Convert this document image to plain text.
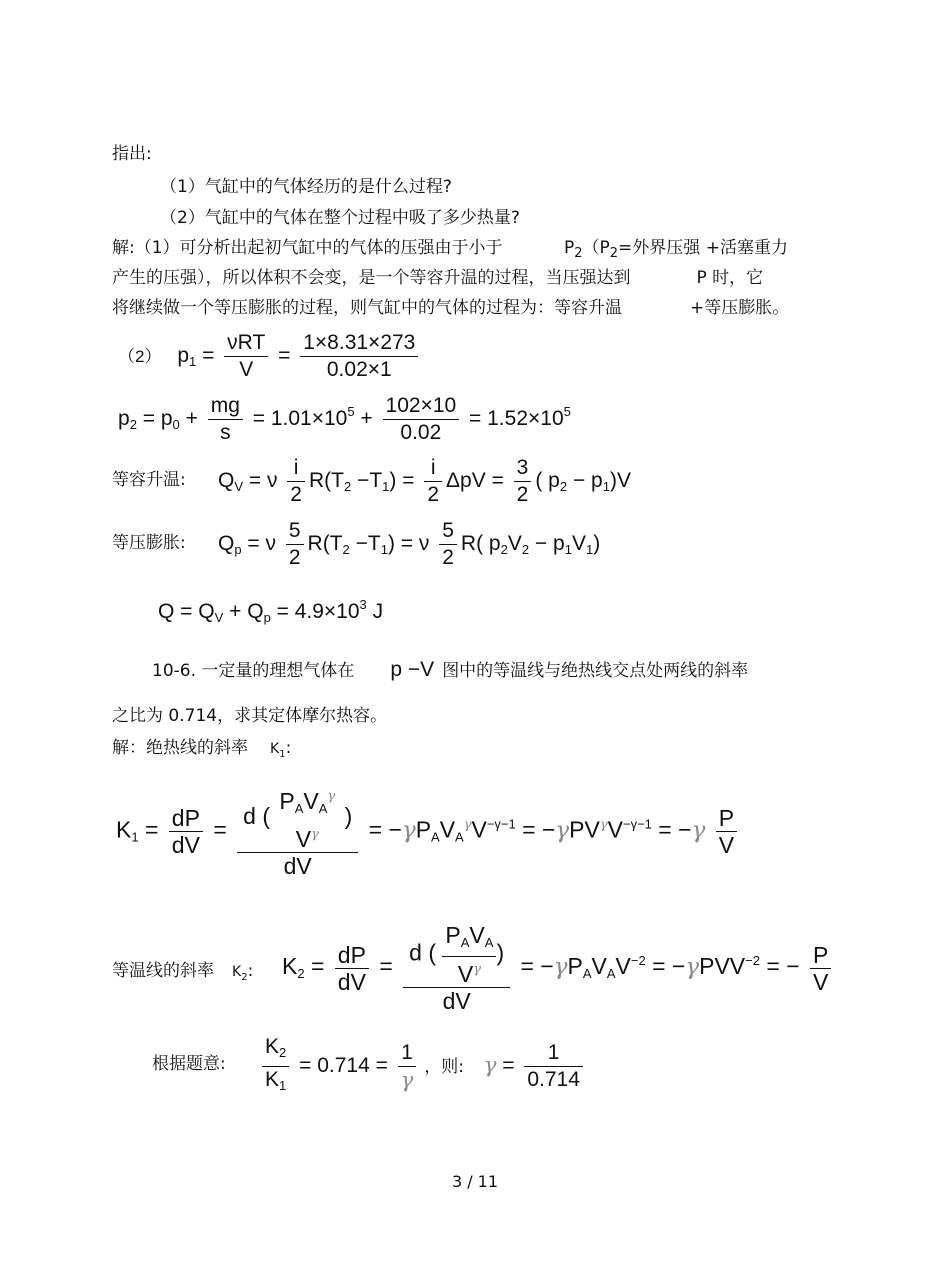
指出:
（1）气缸中的气体经历的是什么过程?
（2）气缸中的气体在整个过程中吸了多少热量?
解:（1）可分析出起初气缸中的气体的压强由于小于	$P_2(P_2=$外界压强 +活塞重力
产生的压强），所以体积不会变，是一个等容升温的过程，当压强达到	P 时，它
将继续做一个等压膨胀的过程，则气缸中的气体的过程为：等容升温	+等压膨胀。
（2） $p_1 = \frac{\text{νRT}}{V} = \frac{1\times 8.31\times 273}{0.02\times 1}$
$p_2 = p_0 + \frac{mg}{s} = 1.01\times 10^5 + \frac{102\times 10}{0.02} = 1.52\times 10^5$
等容升温: $Q_V = \nu \frac{i}{2} R(T_2 -T_1) = \frac{i}{2}$ $\Delta pV = \frac{3}{2}$ ( $p_2 - p_1)V$
等压膨胀: $Q_p = \nu \frac{5}{2} R(T_2 -T_1) = \nu \frac{5}{2} R$( $p_2V_2 - p_1V_1$)
$Q = Q_V + Q_p = 4.9\times 10^3$ J
10-6. 一定量的理想气体在 p −V 图中的等温线与绝热线交点处两线的斜率
之比为 0.714，求其定体摩尔热容。
解：绝热线的斜率 $K_1$:
$K_1 = \frac{dP}{dV} = d$ (
$P_AV_A^\gamma$
$V^\gamma$
)
dV = $-\gamma P_AV_A^\gamma V^{-\gamma-1} = -\gamma PV^\gamma V^{-\gamma-1} = -\gamma \frac{P}{V}$
等温线的斜率 $K_2$: $K_2 = \frac{dP}{dV} = \frac{d ( \frac{P_AV_A}{V^\gamma} )}{dV} = -\gamma P_AV_AV^{-2} = -\gamma PVV^{-2}$ = − $\frac{P}{V}$
根据题意: $\frac{K_2}{K_1} = 0.714 = \frac{1}{\gamma}$ ，则: $\gamma = \frac{1}{0.714}$
3 / 11
